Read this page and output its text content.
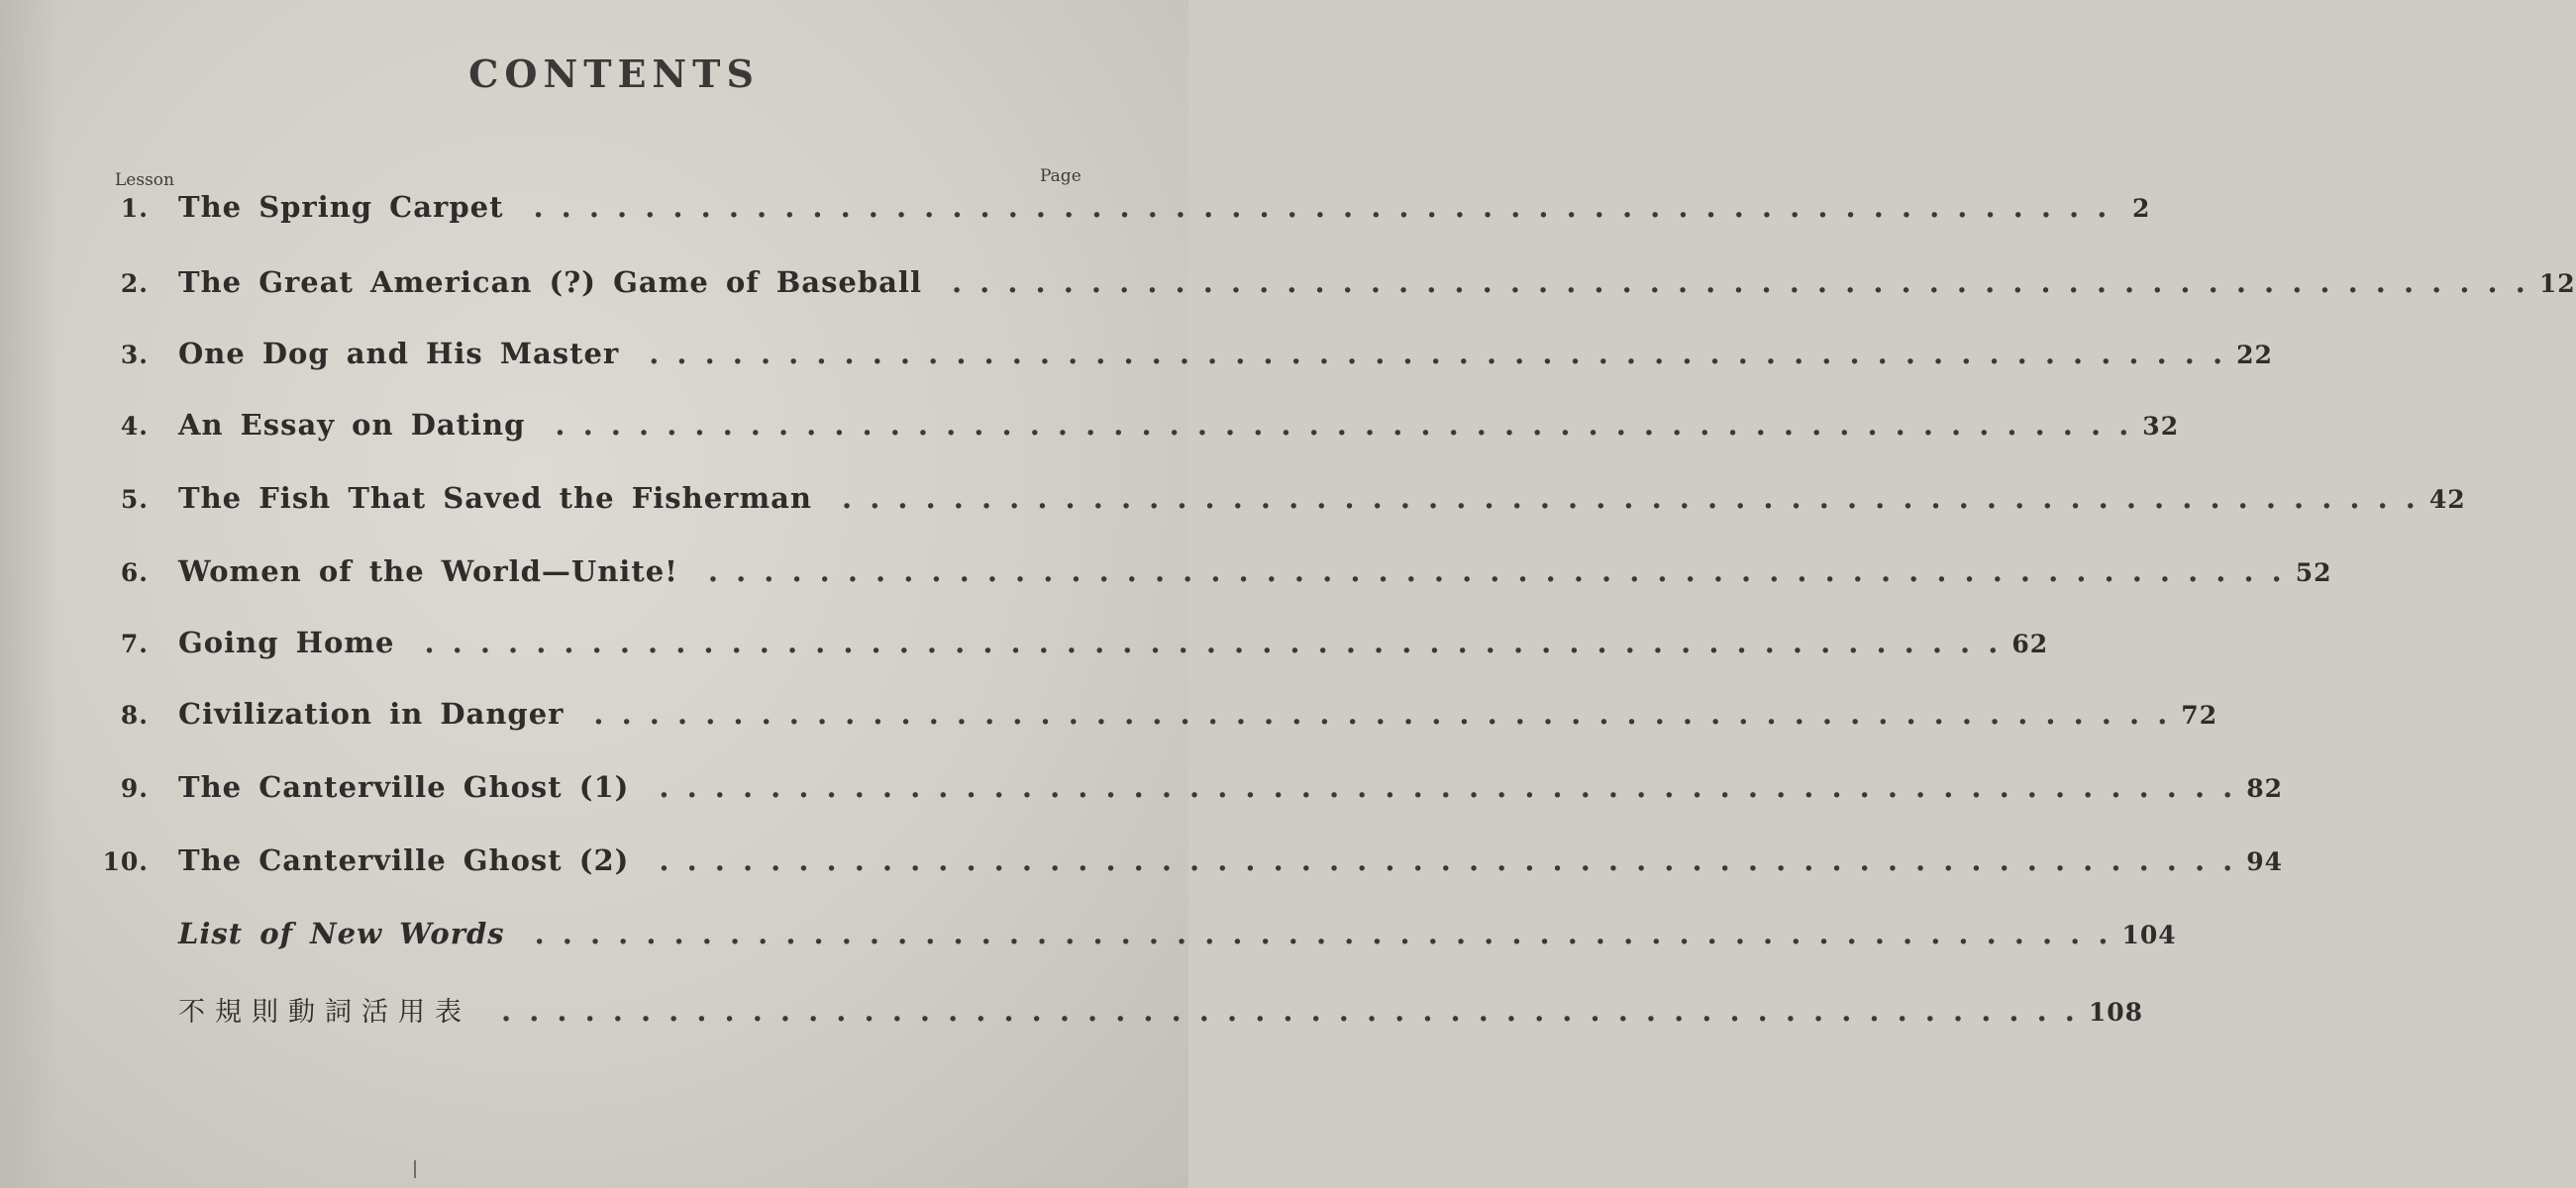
CONTENTS
Lesson	Page
1. The Spring Carpet . . . . . . . . . . . . . . . . . . . . . . . . . . . . . . . . . . . . . . . . . . . . . . . . . . . . . . . . . 2
2. The Great American (?) Game of Baseball . . . . . . . . . . . . . . . . . . . . . . . . . . . . . . . . . . . . . . . . . . . . . . . . . . . . . . . . . 12
3. One Dog and His Master . . . . . . . . . . . . . . . . . . . . . . . . . . . . . . . . . . . . . . . . . . . . . . . . . . . . . . . . . 22
4. An Essay on Dating . . . . . . . . . . . . . . . . . . . . . . . . . . . . . . . . . . . . . . . . . . . . . . . . . . . . . . . . . 32
5. The Fish That Saved the Fisherman . . . . . . . . . . . . . . . . . . . . . . . . . . . . . . . . . . . . . . . . . . . . . . . . . . . . . . . . . 42
6. Women of the World—Unite! . . . . . . . . . . . . . . . . . . . . . . . . . . . . . . . . . . . . . . . . . . . . . . . . . . . . . . . . . 52
7. Going Home . . . . . . . . . . . . . . . . . . . . . . . . . . . . . . . . . . . . . . . . . . . . . . . . . . . . . . . . . 62
8. Civilization in Danger . . . . . . . . . . . . . . . . . . . . . . . . . . . . . . . . . . . . . . . . . . . . . . . . . . . . . . . . . 72
9. The Canterville Ghost (1) . . . . . . . . . . . . . . . . . . . . . . . . . . . . . . . . . . . . . . . . . . . . . . . . . . . . . . . . . 82
10. The Canterville Ghost (2) . . . . . . . . . . . . . . . . . . . . . . . . . . . . . . . . . . . . . . . . . . . . . . . . . . . . . . . . . 94
List of New Words . . . . . . . . . . . . . . . . . . . . . . . . . . . . . . . . . . . . . . . . . . . . . . . . . . . . . . . . . 104
不規則動詞活用表 . . . . . . . . . . . . . . . . . . . . . . . . . . . . . . . . . . . . . . . . . . . . . . . . . . . . . . . . . 108
